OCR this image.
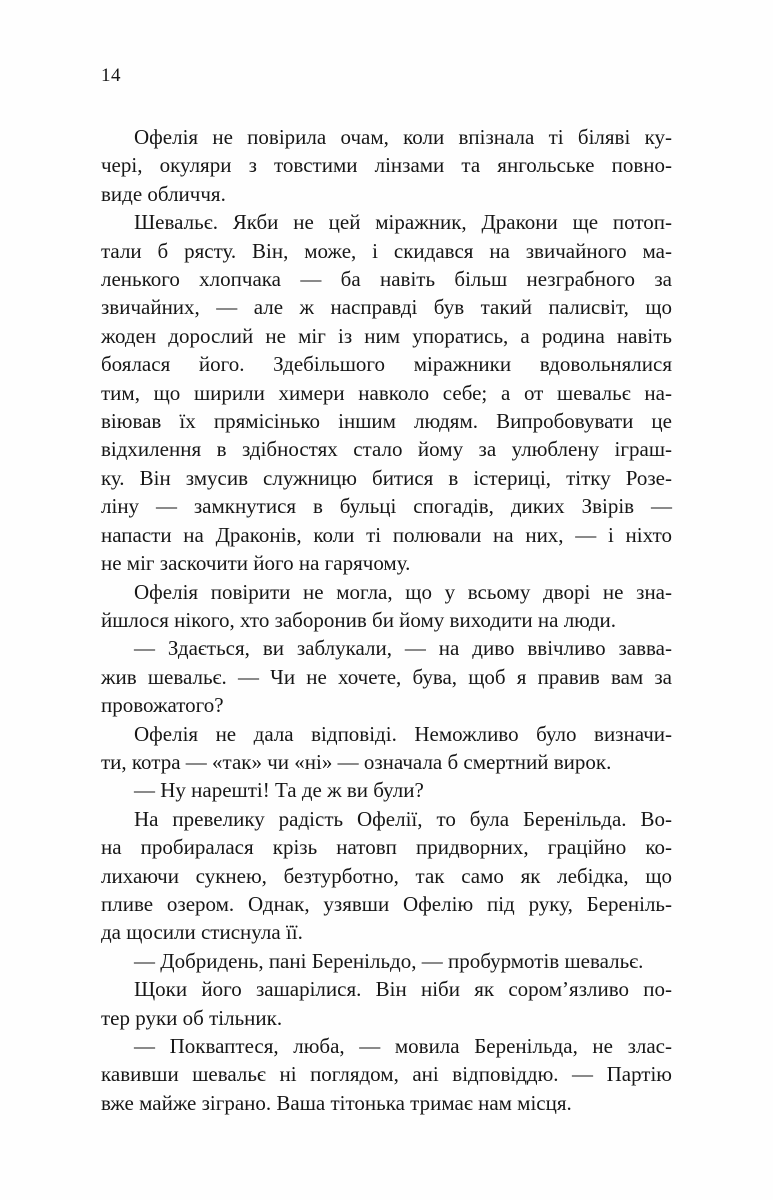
14
Офелія не повірила очам, коли впізнала ті біляві ку-
чері, окуляри з товстими лінзами та янгольське повно-
виде обличчя.
Шевальє. Якби не цей міражник, Дракони ще потоп-
тали б рясту. Він, може, і скидався на звичайного ма-
ленького хлопчака — ба навіть більш незграбного за
звичайних, — але ж насправді був такий палисвіт, що
жоден дорослий не міг із ним упоратись, а родина навіть
боялася його. Здебільшого міражники вдовольнялися
тим, що ширили химери навколо себе; а от шевальє на-
віював їх прямісінько іншим людям. Випробовувати це
відхилення в здібностях стало йому за улюблену іграш-
ку. Він змусив служницю битися в істериці, тітку Розе-
ліну — замкнутися в бульці спогадів, диких Звірів —
напасти на Драконів, коли ті полювали на них, — і ніхто
не міг заскочити його на гарячому.
Офелія повірити не могла, що у всьому дворі не зна-
йшлося нікого, хто заборонив би йому виходити на люди.
— Здається, ви заблукали, — на диво ввічливо завва-
жив шевальє. — Чи не хочете, бува, щоб я правив вам за
провожатого?
Офелія не дала відповіді. Неможливо було визначи-
ти, котра — «так» чи «ні» — означала б смертний вирок.
— Ну нарешті! Та де ж ви були?
На превелику радість Офелії, то була Беренільда. Во-
на пробиралася крізь натовп придворних, граційно ко-
лихаючи сукнею, безтурботно, так само як лебідка, що
пливе озером. Однак, узявши Офелію під руку, Береніль-
да щосили стиснула її.
— Добридень, пані Беренільдо, — пробурмотів шевальє.
Щоки його зашарілися. Він ніби як сором’язливо по-
тер руки об тільник.
— Покваптеся, люба, — мовила Беренільда, не злас-
кавивши шевальє ні поглядом, ані відповіддю. — Партію
вже майже зіграно. Ваша тітонька тримає нам місця.
